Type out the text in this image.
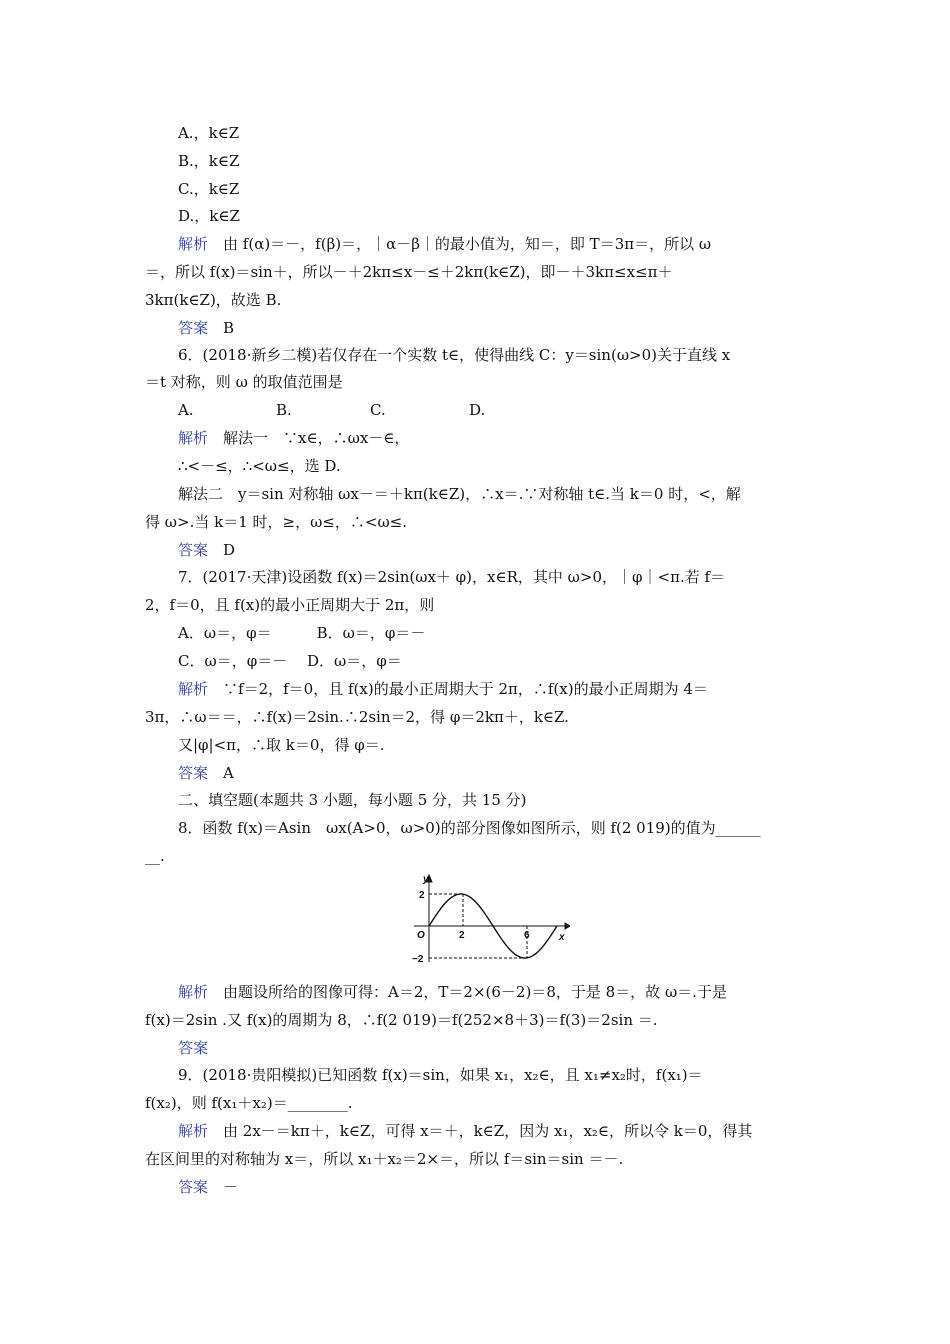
A.，k∈Z
B.，k∈Z
C.，k∈Z
D.，k∈Z
解析　 由 f(α)＝－，f(β)＝，｜α－β｜的最小值为，知＝，即 T＝3π＝，所以 ω
＝，所以 f(x)＝sin＋，所以－＋2kπ≤x－≤＋2kπ(k∈Z)，即－＋3kπ≤x≤π＋
3kπ(k∈Z)，故选 B.
答案　 B
6．(2018·新乡二模)若仅存在一个实数 t∈，使得曲线 C：y＝sin(ω>0)关于直线 x
＝t 对称，则 ω 的取值范围是
A.	B.	C.	D.
解析　 解法一　∵x∈，∴ωx－∈，
∴<－≤，∴<ω≤，选 D.
解法二　y＝sin 对称轴 ωx－＝＋kπ(k∈Z)，∴x＝.∵对称轴 t∈.当 k＝0 时，<，解
得 ω>.当 k＝1 时，≥，ω≤，∴<ω≤.
答案　 D
7．(2017·天津)设函数 f(x)＝2sin(ωx＋ φ)，x∈R，其中 ω>0，｜φ｜<π.若 f＝
2，f＝0，且 f(x)的最小正周期大于 2π，则
A．ω＝，φ＝　　　B．ω＝，φ＝－
C．ω＝，φ＝－　 D．ω＝，φ＝
解析　 ∵f＝2，f＝0，且 f(x)的最小正周期大于 2π，∴f(x)的最小正周期为 4＝
3π，∴ω＝＝，∴f(x)＝2sin.∴2sin＝2，得 φ＝2kπ＋，k∈Z.
又|φ|<π，∴取 k＝0，得 φ＝.
答案　 A
二、填空题(本题共 3 小题，每小题 5 分，共 15 分)
8．函数 f(x)＝Asin　ωx(A>0，ω>0)的部分图像如图所示，则 f(2 019)的值为______
__.
y
x
O
2
−2
2	6
解析　 由题设所给的图像可得：A＝2，T＝2×(6－2)＝8，于是 8＝，故 ω＝.于是
f(x)＝2sin .又 f(x)的周期为 8，∴f(2 019)＝f(252×8＋3)＝f(3)＝2sin ＝.
答案
9．(2018·贵阳模拟)已知函数 f(x)＝sin，如果 x₁，x₂∈，且 x₁≠x₂时，f(x₁)＝
f(x₂)，则 f(x₁＋x₂)＝________.
解析　 由 2x－＝kπ＋，k∈Z，可得 x＝＋，k∈Z，因为 x₁，x₂∈，所以令 k＝0，得其
在区间里的对称轴为 x＝，所以 x₁＋x₂＝2×＝，所以 f＝sin＝sin ＝－.
答案　 －
